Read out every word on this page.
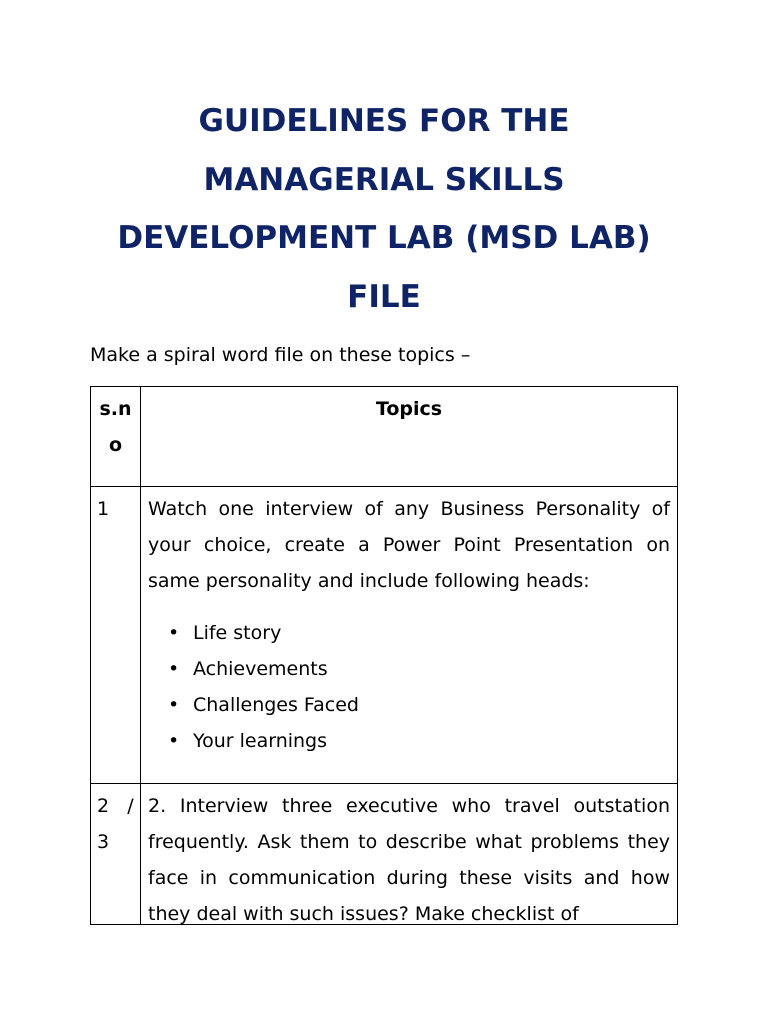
GUIDELINES FOR THE
MANAGERIAL SKILLS
DEVELOPMENT LAB (MSD LAB)
FILE

Make a spiral word file on these topics –

s.n
o
Topics
1	Watch one interview of any Business Personality of your choice, create a Power Point Presentation on same personality and include following heads:

• Life story
• Achievements
• Challenges Faced
• Your learnings
2   /
3

2. Interview three executive who travel outstation frequently. Ask them to describe what problems they face in communication during these visits and how they deal with such issues? Make checklist of
